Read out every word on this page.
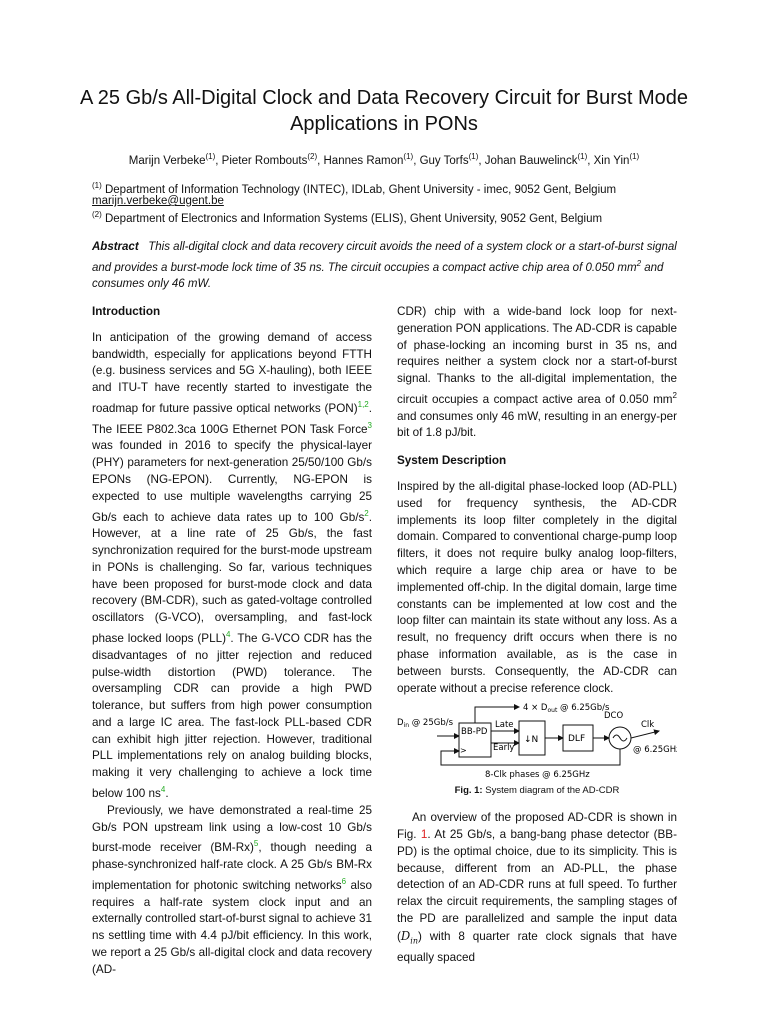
A 25 Gb/s All-Digital Clock and Data Recovery Circuit for Burst Mode Applications in PONs
Marijn Verbeke$^{(1)}$, Pieter Rombouts$^{(2)}$, Hannes Ramon$^{(1)}$, Guy Torfs$^{(1)}$, Johan Bauwelinck$^{(1)}$, Xin Yin$^{(1)}$
$^{(1)}$ Department of Information Technology (INTEC), IDLab, Ghent University - imec, 9052 Gent, Belgium
marijn.verbeke@ugent.be
$^{(2)}$ Department of Electronics and Information Systems (ELIS), Ghent University, 9052 Gent, Belgium
Abstract This all-digital clock and data recovery circuit avoids the need of a system clock or a start-of-burst signal and provides a burst-mode lock time of 35 ns. The circuit occupies a compact active chip area of 0.050 $mm^2$ and consumes only 46 mW.
Introduction

In anticipation of the growing demand of access bandwidth, especially for applications beyond FTTH (e.g. business services and 5G X-hauling), both IEEE and ITU-T have recently started to investigate the roadmap for future passive optical networks (PON)$^{1,2}$. The IEEE P802.3ca 100G Ethernet PON Task Force$^3$ was founded in 2016 to specify the physical-layer (PHY) parameters for next-generation 25/50/100 Gb/s EPONs (NG-EPON). Currently, NG-EPON is expected to use multiple wavelengths carrying 25 Gb/s each to achieve data rates up to 100 $Gb/s^2$. However, at a line rate of 25 Gb/s, the fast synchronization required for the burst-mode upstream in PONs is challenging. So far, various techniques have been proposed for burst-mode clock and data recovery (BM-CDR), such as gated-voltage controlled oscillators (G-VCO), oversampling, and fast-lock phase locked loops (PLL)$^4$. The G-VCO CDR has the disadvantages of no jitter rejection and reduced pulse-width distortion (PWD) tolerance. The oversampling CDR can provide a high PWD tolerance, but suffers from high power consumption and a large IC area. The fast-lock PLL-based CDR can exhibit high jitter rejection. However, traditional PLL implementations rely on analog building blocks, making it very challenging to achieve a lock time below 100 $ns^4$.

Previously, we have demonstrated a real-time 25 Gb/s PON upstream link using a low-cost 10 Gb/s burst-mode receiver $(BM-Rx)^5$, though needing a phase-synchronized half-rate clock. A 25 Gb/s BM-Rx implementation for photonic switching networks$^6$ also requires a half-rate system clock input and an externally controlled start-of-burst signal to achieve 31 ns settling time with 4.4 pJ/bit efficiency. In this work, we report a 25 Gb/s all-digital clock and data recovery (AD-

CDR) chip with a wide-band lock loop for next-generation PON applications. The AD-CDR is capable of phase-locking an incoming burst in 35 ns, and requires neither a system clock nor a start-of-burst signal. Thanks to the all-digital implementation, the circuit occupies a compact active area of 0.050 $mm^2$ and consumes only 46 mW, resulting in an energy-per bit of 1.8 pJ/bit.

System Description

Inspired by the all-digital phase-locked loop (AD-PLL) used for frequency synthesis, the AD-CDR implements its loop filter completely in the digital domain. Compared to conventional charge-pump loop filters, it does not require bulky analog loop-filters, which require a large chip area or have to be implemented off-chip. In the digital domain, large time constants can be implemented at low cost and the loop filter can maintain its state without any loss. As a result, no frequency drift occurs when there is no phase information available, as is the case in between bursts. Consequently, the AD-CDR can operate without a precise reference clock.

$D_{in}$ @ 25Gb/s
BB-PD
>
$4 \times D_{out}$ @ 6.25Gb/s
Late
Early
↓N	DLF
DCO
Clk
@ 6.25GHz
8-Clk phases @ 6.25GHz
Fig. 1: System diagram of the AD-CDR

An overview of the proposed AD-CDR is shown in Fig. 1. At 25 Gb/s, a bang-bang phase detector (BB-PD) is the optimal choice, due to its simplicity. This is because, different from an AD-PLL, the phase detection of an AD-CDR runs at full speed. To further relax the circuit requirements, the sampling stages of the PD are parallelized and sample the input data $(D_{in})$ with 8 quarter rate clock signals that have equally spaced
